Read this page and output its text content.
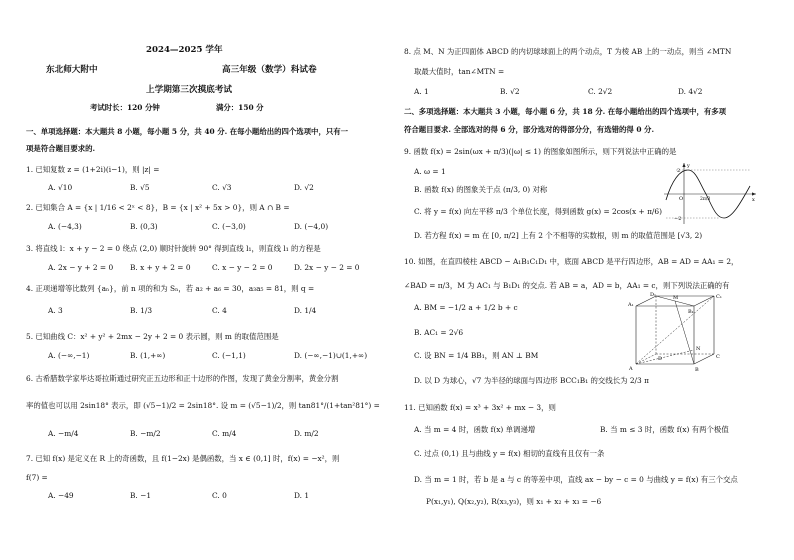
2024—2025 学年
东北师大附中	高三年级（数学）科试卷
上学期第三次摸底考试
考试时长：120 分钟	满分：150 分
一、单项选择题：本大题共 8 小题，每小题 5 分，共 40 分. 在每小题给出的四个选项中，只有一
项是符合题目要求的.
1. 已知复数 z = (1+2i)(i−1)，则 |z| =
A. √10	B. √5	C. √3	D. √2
2. 已知集合 A = {x | 1/16 < 2ˣ < 8}，B = {x | x² + 5x > 0}，则 A ∩ B =
A. (−4,3)	B. (0,3)	C. (−3,0)	D. (−4,0)
3. 将直线 l：x + y − 2 = 0 绕点 (2,0) 顺时针旋转 90° 得到直线 l₁，则直线 l₁ 的方程是
A. 2x − y + 2 = 0 B. x + y + 2 = 0	C. x − y − 2 = 0	D. 2x − y − 2 = 0
4. 正项递增等比数列 {aₙ}，前 n 项的和为 Sₙ，若 a₂ + a₆ = 30，a₃a₅ = 81，则 q =
A. 3	B. 1/3	C. 4	D. 1/4
5. 已知曲线 C：x² + y² + 2mx − 2y + 2 = 0 表示圆，则 m 的取值范围是
A. (−∞,−1)	B. (1,+∞)	C. (−1,1)	D. (−∞,−1)∪(1,+∞)
6. 古希腊数学家毕达哥拉斯通过研究正五边形和正十边形的作图，发现了黄金分割率，黄金分割
率的值也可以用 2sin18° 表示，即 (√5−1)/2 = 2sin18°. 设 m = (√5−1)/2，则 tan81°/(1+tan²81°) =
A. −m/4	B. −m/2	C. m/4	D. m/2
7. 已知 f(x) 是定义在 R 上的奇函数，且 f(1−2x) 是偶函数，当 x ∈ (0,1] 时，f(x) = −x²，则
f(7) =
A. −49	B. −1	C. 0	D. 1
8. 点 M、N 为正四面体 ABCD 的内切球球面上的两个动点，T 为棱 AB 上的一动点，则当 ∠MTN
取最大值时，tan∠MTN =
A. 1	B. √2	C. 2√2	D. 4√2
二、多项选择题：本大题共 3 小题，每小题 6 分，共 18 分. 在每小题给出的四个选项中，有多项
符合题目要求. 全部选对的得 6 分，部分选对的得部分分，有选错的得 0 分.
9. 函数 f(x) = 2sin(ωx + π/3)(|ω| ≤ 1) 的图象如图所示，则下列说法中正确的是
A. ω = 1
B. 函数 f(x) 的图象关于点 (π/3, 0) 对称
C. 将 y = f(x) 向左平移 π/3 个单位长度，得到函数 g(x) = 2cos(x + π/6)
D. 若方程 f(x) = m 在 [0, π/2] 上有 2 个不相等的实数根，则 m 的取值范围是 [√3, 2)
2
−2
O	x
y
2π/3
10. 如图，在直四棱柱 ABCD − A₁B₁C₁D₁ 中，底面 ABCD 是平行四边形，AB = AD = AA₁ = 2，
∠BAD = π/3，M 为 AC₁ 与 B₁D₁ 的交点. 若 AB = a，AD = b，AA₁ = c，则下列说法正确的有
A. BM = −1/2 a + 1/2 b + c
B. AC₁ = 2√6
C. 设 BN = 1/4 BB₁，则 AN ⊥ BM
D. 以 D 为球心，√7 为半径的球面与四边形 BCC₁B₁ 的交线长为 2/3 π
A₁
B₁
C₁
D₁
A	B
C
D
M
N
11. 已知函数 f(x) = x³ + 3x² + mx − 3，则
A. 当 m = 4 时，函数 f(x) 单调递增	B. 当 m ≤ 3 时，函数 f(x) 有两个极值
C. 过点 (0,1) 且与曲线 y = f(x) 相切的直线有且仅有一条
D. 当 m = 1 时，若 b 是 a 与 c 的等差中项，直线 ax − by − c = 0 与曲线 y = f(x) 有三个交点
P(x₁,y₁), Q(x₂,y₂), R(x₃,y₃)，则 x₁ + x₂ + x₃ = −6
